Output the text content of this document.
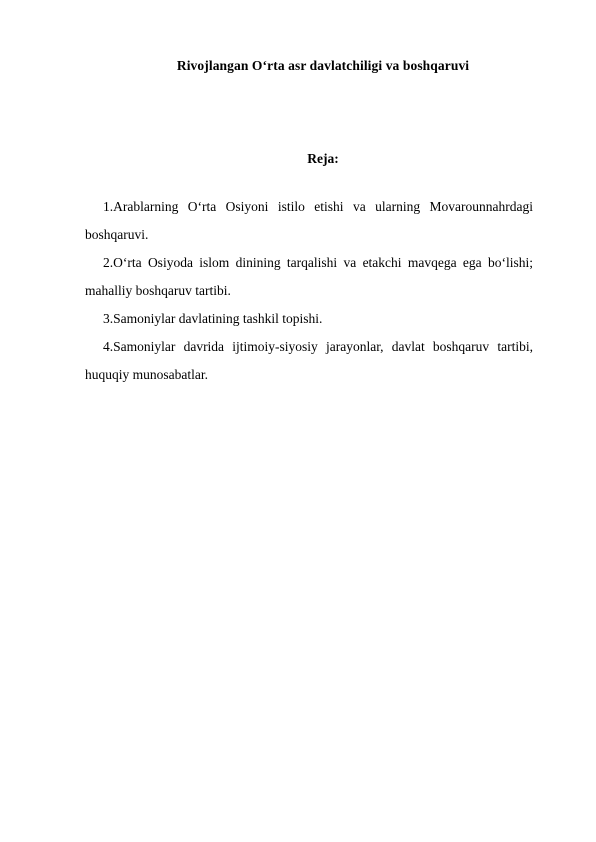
Rivojlangan O‘rta asr davlatchiligi va boshqaruvi
Reja:
1.Arablarning O‘rta Osiyoni istilo etishi va ularning Movarounnahrdagi boshqaruvi.
2.O‘rta Osiyoda islom dinining tarqalishi va etakchi mavqega ega bo‘lishi; mahalliy boshqaruv tartibi.
3.Samoniylar davlatining tashkil topishi.
4.Samoniylar davrida ijtimoiy-siyosiy jarayonlar, davlat boshqaruv tartibi, huquqiy munosabatlar.
